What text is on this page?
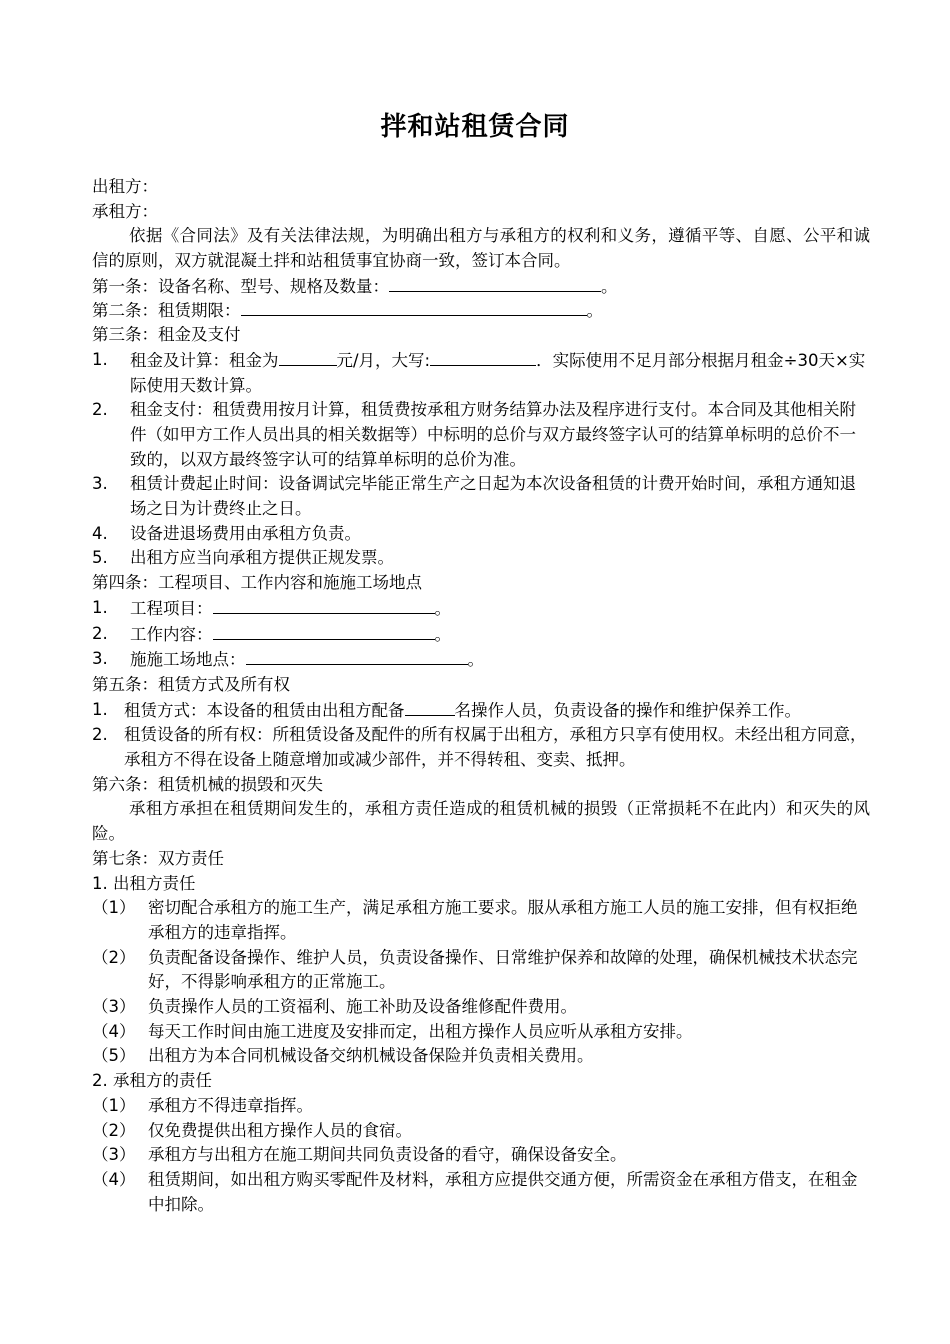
拌和站租赁合同
出租方：
承租方：
依据《合同法》及有关法律法规，为明确出租方与承租方的权利和义务，遵循平等、自愿、公平和诚信的原则，双方就混凝土拌和站租赁事宜协商一致，签订本合同。
第一条：设备名称、型号、规格及数量：	。
第二条：租赁期限：	。
第三条：租金及支付
1.	租金及计算：租金为	元/月，大写:	．实际使用不足月部分根据月租金÷30天×实际使用天数计算。
2.	租金支付：租赁费用按月计算，租赁费按承租方财务结算办法及程序进行支付。本合同及其他相关附件（如甲方工作人员出具的相关数据等）中标明的总价与双方最终签字认可的结算单标明的总价不一致的，以双方最终签字认可的结算单标明的总价为准。
3.	租赁计费起止时间：设备调试完毕能正常生产之日起为本次设备租赁的计费开始时间，承租方通知退场之日为计费终止之日。
4.	设备进退场费用由承租方负责。
5.	出租方应当向承租方提供正规发票。
第四条：工程项目、工作内容和施施工场地点
1.	工程项目：	。
2.	工作内容：	。
3.	施施工场地点：	。
第五条：租赁方式及所有权
1. 租赁方式：本设备的租赁由出租方配备	名操作人员，负责设备的操作和维护保养工作。
2. 租赁设备的所有权：所租赁设备及配件的所有权属于出租方，承租方只享有使用权。未经出租方同意，承租方不得在设备上随意增加或减少部件，并不得转租、变卖、抵押。
第六条：租赁机械的损毁和灭失
承租方承担在租赁期间发生的，承租方责任造成的租赁机械的损毁（正常损耗不在此内）和灭失的风险。
第七条：双方责任
1. 出租方责任
（1） 密切配合承租方的施工生产，满足承租方施工要求。服从承租方施工人员的施工安排，但有权拒绝承租方的违章指挥。
（2） 负责配备设备操作、维护人员，负责设备操作、日常维护保养和故障的处理，确保机械技术状态完好，不得影响承租方的正常施工。
（3） 负责操作人员的工资福利、施工补助及设备维修配件费用。
（4） 每天工作时间由施工进度及安排而定，出租方操作人员应听从承租方安排。
（5） 出租方为本合同机械设备交纳机械设备保险并负责相关费用。
2. 承租方的责任
（1） 承租方不得违章指挥。
（2） 仅免费提供出租方操作人员的食宿。
（3） 承租方与出租方在施工期间共同负责设备的看守，确保设备安全。
（4） 租赁期间，如出租方购买零配件及材料，承租方应提供交通方便，所需资金在承租方借支，在租金中扣除。
